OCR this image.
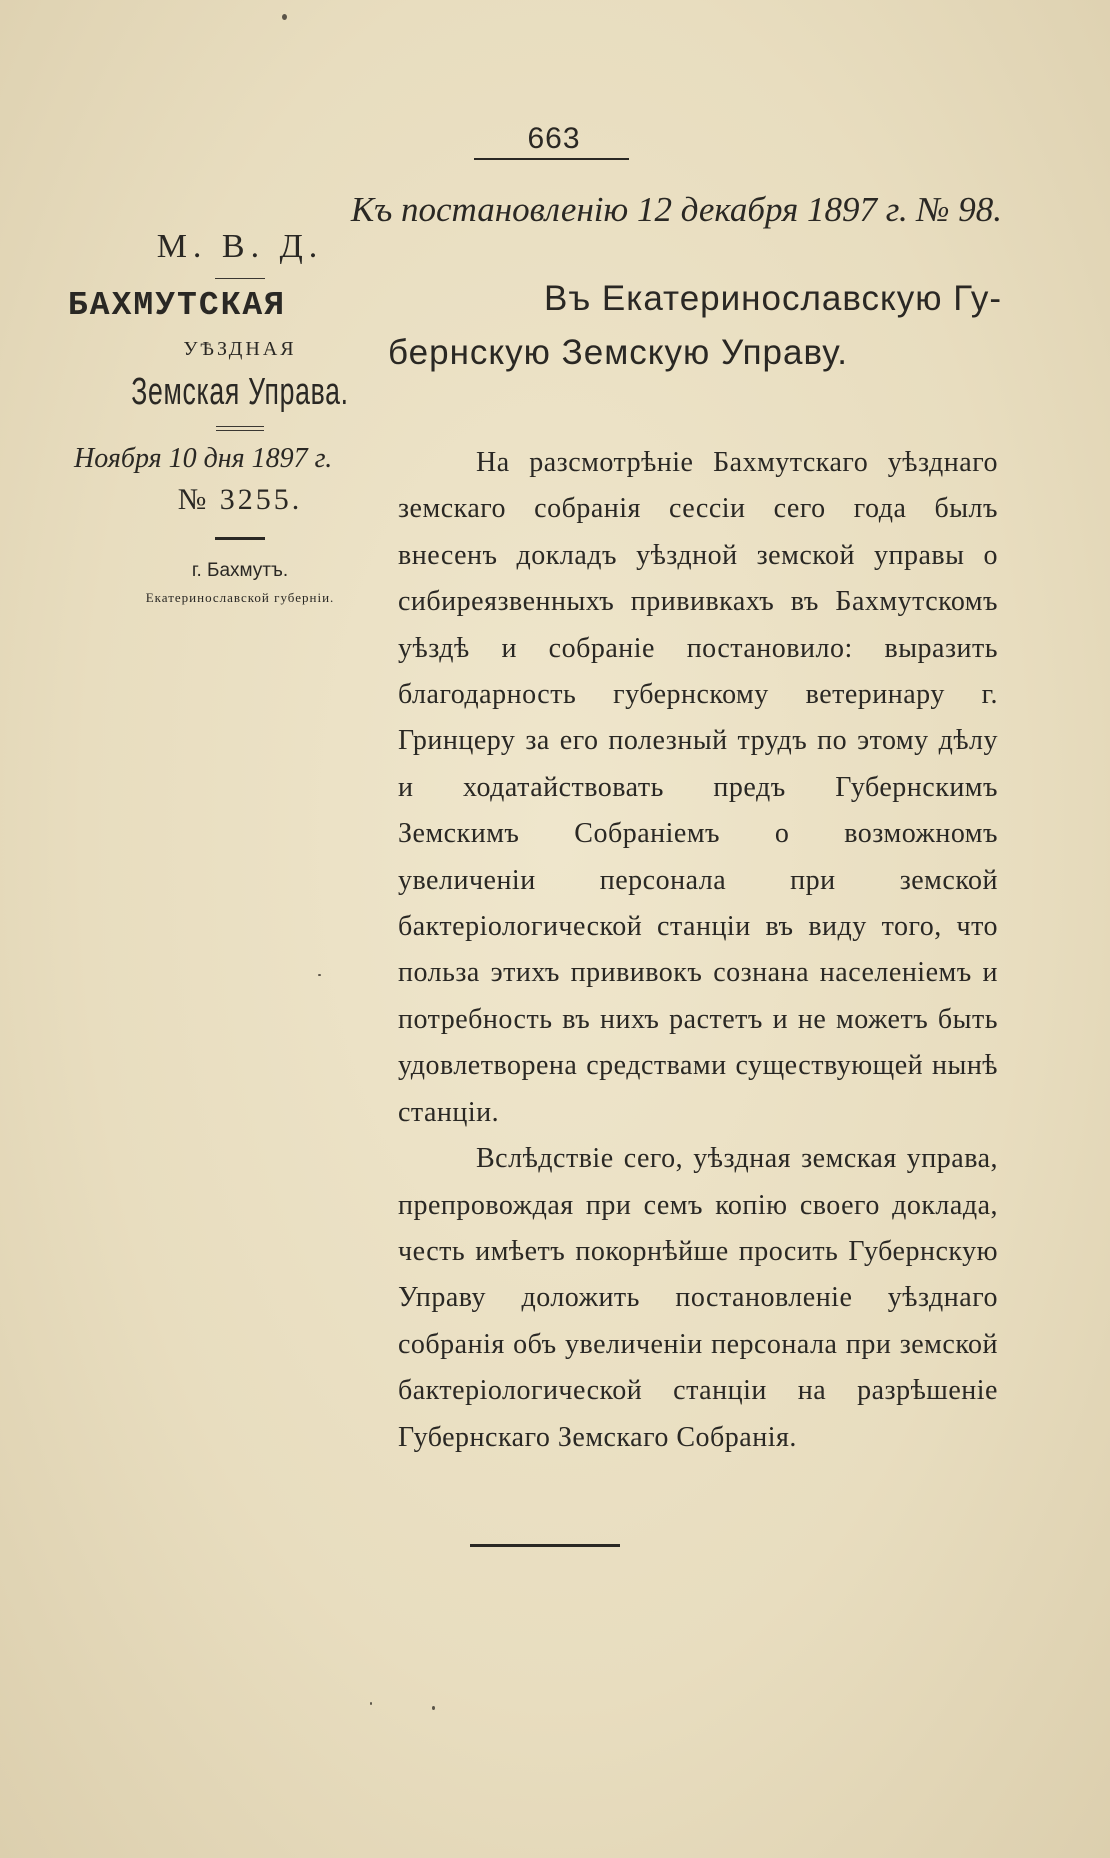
663
Къ постановленію 12 декабря 1897 г. № 98.
М. В. Д.
БАХМУТСКАЯ
УѢЗДНАЯ
Земская Управа.
Ноября 10 дня 1897 г.
№ 3255.
г. Бахмутъ.
Екатеринославской губерніи.
Въ Екатеринославскую Гу-
бернскую Земскую Управу.

На разсмотрѣніе Бахмутскаго уѣзднаго земскаго собранія сессіи сего года былъ внесенъ докладъ уѣздной земской управы о сибиреязвенныхъ прививкахъ въ Бахмутскомъ уѣздѣ и собраніе постановило: выразить благодарность губернскому ветеринару г. Гринцеру за его полезный трудъ по этому дѣлу и ходатайствовать предъ Губернскимъ Земскимъ Собраніемъ о возможномъ увеличеніи персонала при земской бактеріологической станціи въ виду того, что польза этихъ прививокъ сознана населеніемъ и потребность въ нихъ растетъ и не можетъ быть удовлетворена средствами существующей нынѣ станціи.

Вслѣдствіе сего, уѣздная земская управа, препровождая при семъ копію своего доклада, честь имѣетъ покорнѣйше просить Губернскую Управу доложить постановленіе уѣзднаго собранія объ увеличеніи персонала при земской бактеріологической станціи на разрѣшеніе Губернскаго Земскаго Собранія.
